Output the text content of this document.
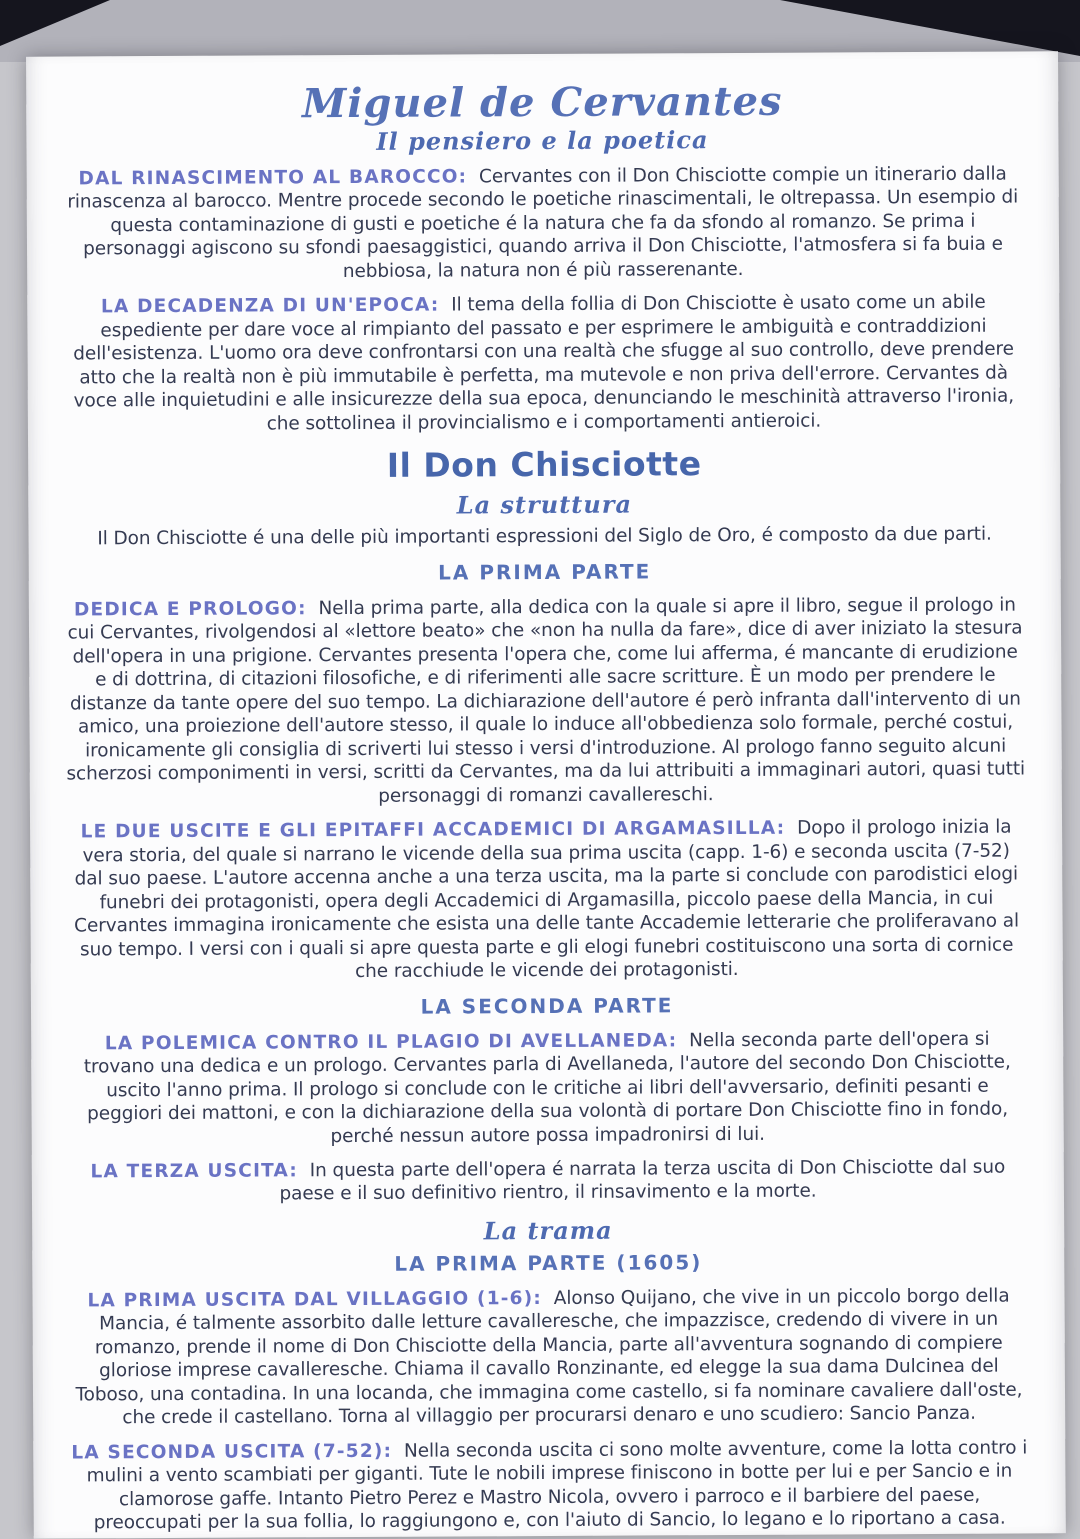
Miguel de Cervantes
Il pensiero e la poetica

DAL RINASCIMENTO AL BAROCCO: Cervantes con il Don Chisciotte compie un itinerario dalla rinascenza al barocco. Mentre procede secondo le poetiche rinascimentali, le oltrepassa. Un esempio di questa contaminazione di gusti e poetiche é la natura che fa da sfondo al romanzo. Se prima i personaggi agiscono su sfondi paesaggistici, quando arriva il Don Chisciotte, l'atmosfera si fa buia e nebbiosa, la natura non é più rasserenante.

LA DECADENZA DI UN'EPOCA: Il tema della follia di Don Chisciotte è usato come un abile espediente per dare voce al rimpianto del passato e per esprimere le ambiguità e contraddizioni dell'esistenza. L'uomo ora deve confrontarsi con una realtà che sfugge al suo controllo, deve prendere atto che la realtà non è più immutabile è perfetta, ma mutevole e non priva dell'errore. Cervantes dà voce alle inquietudini e alle insicurezze della sua epoca, denunciando le meschinità attraverso l'ironia, che sottolinea il provincialismo e i comportamenti antieroici.

Il Don Chisciotte
La struttura

Il Don Chisciotte é una delle più importanti espressioni del Siglo de Oro, é composto da due parti.

LA PRIMA PARTE

DEDICA E PROLOGO: Nella prima parte, alla dedica con la quale si apre il libro, segue il prologo in cui Cervantes, rivolgendosi al «lettore beato» che «non ha nulla da fare», dice di aver iniziato la stesura dell'opera in una prigione. Cervantes presenta l'opera che, come lui afferma, é mancante di erudizione e di dottrina, di citazioni filosofiche, e di riferimenti alle sacre scritture. È un modo per prendere le distanze da tante opere del suo tempo. La dichiarazione dell'autore é però infranta dall'intervento di un amico, una proiezione dell'autore stesso, il quale lo induce all'obbedienza solo formale, perché costui, ironicamente gli consiglia di scriverti lui stesso i versi d'introduzione. Al prologo fanno seguito alcuni scherzosi componimenti in versi, scritti da Cervantes, ma da lui attribuiti a immaginari autori, quasi tutti personaggi di romanzi cavallereschi.

LE DUE USCITE E GLI EPITAFFI ACCADEMICI DI ARGAMASILLA: Dopo il prologo inizia la vera storia, del quale si narrano le vicende della sua prima uscita (capp. 1-6) e seconda uscita (7-52) dal suo paese. L'autore accenna anche a una terza uscita, ma la parte si conclude con parodistici elogi funebri dei protagonisti, opera degli Accademici di Argamasilla, piccolo paese della Mancia, in cui Cervantes immagina ironicamente che esista una delle tante Accademie letterarie che proliferavano al suo tempo. I versi con i quali si apre questa parte e gli elogi funebri costituiscono una sorta di cornice che racchiude le vicende dei protagonisti.

LA SECONDA PARTE

LA POLEMICA CONTRO IL PLAGIO DI AVELLANEDA: Nella seconda parte dell'opera si trovano una dedica e un prologo. Cervantes parla di Avellaneda, l'autore del secondo Don Chisciotte, uscito l'anno prima. Il prologo si conclude con le critiche ai libri dell'avversario, definiti pesanti e peggiori dei mattoni, e con la dichiarazione della sua volontà di portare Don Chisciotte fino in fondo, perché nessun autore possa impadronirsi di lui.

LA TERZA USCITA: In questa parte dell'opera é narrata la terza uscita di Don Chisciotte dal suo paese e il suo definitivo rientro, il rinsavimento e la morte.

La trama
LA PRIMA PARTE (1605)

LA PRIMA USCITA DAL VILLAGGIO (1-6): Alonso Quijano, che vive in un piccolo borgo della Mancia, é talmente assorbito dalle letture cavalleresche, che impazzisce, credendo di vivere in un romanzo, prende il nome di Don Chisciotte della Mancia, parte all'avventura sognando di compiere gloriose imprese cavalleresche. Chiama il cavallo Ronzinante, ed elegge la sua dama Dulcinea del Toboso, una contadina. In una locanda, che immagina come castello, si fa nominare cavaliere dall'oste, che crede il castellano. Torna al villaggio per procurarsi denaro e uno scudiero: Sancio Panza.

LA SECONDA USCITA (7-52): Nella seconda uscita ci sono molte avventure, come la lotta contro i mulini a vento scambiati per giganti. Tute le nobili imprese finiscono in botte per lui e per Sancio e in clamorose gaffe. Intanto Pietro Perez e Mastro Nicola, ovvero i parroco e il barbiere del paese, preoccupati per la sua follia, lo raggiungono e, con l'aiuto di Sancio, lo legano e lo riportano a casa.
